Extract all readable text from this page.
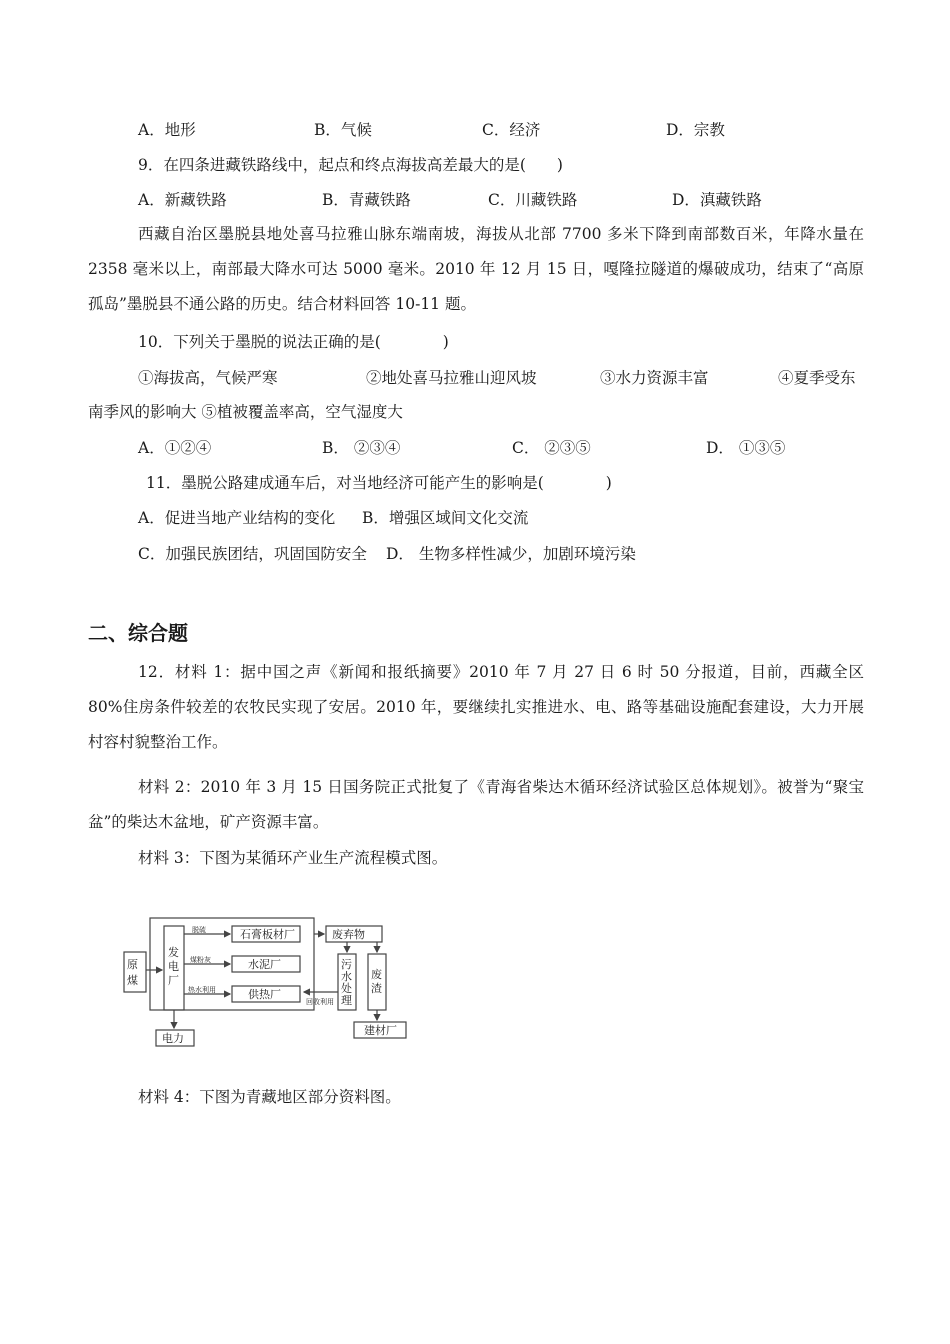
A．地形	B．气候	C．经济	D．宗教
9．在四条进藏铁路线中，起点和终点海拔高差最大的是(　　)
A．新藏铁路	B．青藏铁路	C．川藏铁路	D．滇藏铁路
西藏自治区墨脱县地处喜马拉雅山脉东端南坡，海拔从北部 7700 多米下降到南部数百米，年降水量在 2358 毫米以上，南部最大降水可达 5000 毫米。2010 年 12 月 15 日，嘎隆拉隧道的爆破成功，结束了“高原孤岛”墨脱县不通公路的历史。结合材料回答 10-11 题。
10．下列关于墨脱的说法正确的是(　　　　)
①海拔高，气候严寒	②地处喜马拉雅山迎风坡	③水力资源丰富	④夏季受东
南季风的影响大 ⑤植被覆盖率高，空气湿度大
A．①②④	B． ②③④	C． ②③⑤	D． ①③⑤
11．墨脱公路建成通车后，对当地经济可能产生的影响是(　　　　)
A．促进当地产业结构的变化 B．增强区域间文化交流
C．加强民族团结，巩固国防安全 D． 生物多样性减少，加剧环境污染
二、综合题
12．材料 1：据中国之声《新闻和报纸摘要》2010 年 7 月 27 日 6 时 50 分报道，目前，西藏全区 80%住房条件较差的农牧民实现了安居。2010 年，要继续扎实推进水、电、路等基础设施配套建设，大力开展村容村貌整治工作。
材料 2：2010 年 3 月 15 日国务院正式批复了《青海省柴达木循环经济试验区总体规划》。被誉为“聚宝盆”的柴达木盆地，矿产资源丰富。
材料 3：下图为某循环产业生产流程模式图。
原
煤
发
电
厂
石膏板材厂
水泥厂
供热厂
废弃物
污
水
处
理
废
渣
建材厂
电力
脱硫
煤粉灰
热水利用
回收利用
材料 4：下图为青藏地区部分资料图。
